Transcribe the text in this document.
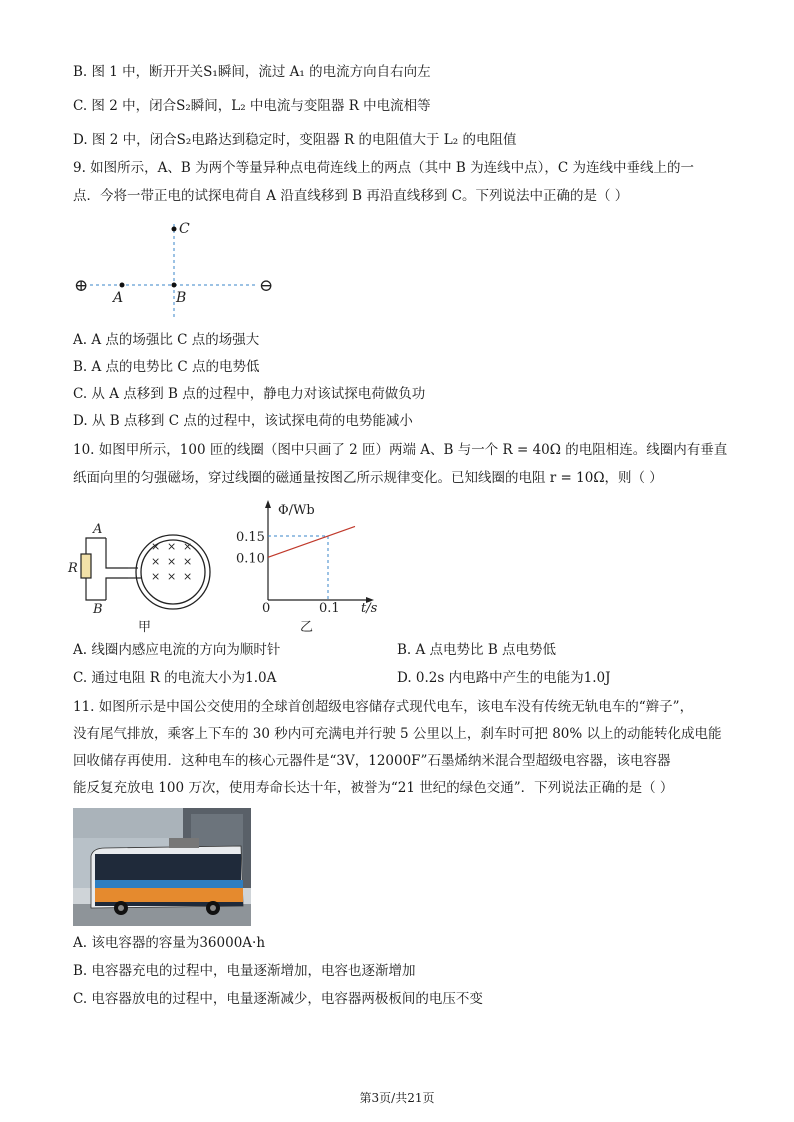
B. 图 1 中，断开开关S₁瞬间，流过 A₁ 的电流方向自右向左
C. 图 2 中，闭合S₂瞬间，L₂ 中电流与变阻器 R 中电流相等
D. 图 2 中，闭合S₂电路达到稳定时，变阻器 R 的电阻值大于 L₂ 的电阻值
9. 如图所示，A、B 为两个等量异种点电荷连线上的两点（其中 B 为连线中点），C 为连线中垂线上的一
点．今将一带正电的试探电荷自 A 沿直线移到 B 再沿直线移到 C。下列说法中正确的是（ ）
⊕	⊖
A	B
C
A. A 点的场强比 C 点的场强大
B. A 点的电势比 C 点的电势低
C. 从 A 点移到 B 点的过程中，静电力对该试探电荷做负功
D. 从 B 点移到 C 点的过程中，该试探电荷的电势能减小
10. 如图甲所示，100 匝的线圈（图中只画了 2 匝）两端 A、B 与一个 R = 40Ω 的电阻相连。线圈内有垂直
纸面向里的匀强磁场，穿过线圈的磁通量按图乙所示规律变化。已知线圈的电阻 r = 10Ω，则（ ）
× × ×
× × ×
× × ×
A
B
R
甲
Φ/Wb
t/s
0.15
0.10
0	0.1
乙
A. 线圈内感应电流的方向为顺时针	B. A 点电势比 B 点电势低
C. 通过电阻 R 的电流大小为1.0A	D. 0.2s 内电路中产生的电能为1.0J
11. 如图所示是中国公交使用的全球首创超级电容储存式现代电车，该电车没有传统无轨电车的“辫子”，
没有尾气排放，乘客上下车的 30 秒内可充满电并行驶 5 公里以上，刹车时可把 80% 以上的动能转化成电能
回收储存再使用．这种电车的核心元器件是“3V，12000F”石墨烯纳米混合型超级电容器，该电容器
能反复充放电 100 万次，使用寿命长达十年，被誉为“21 世纪的绿色交通”．下列说法正确的是（ ）
A. 该电容器的容量为36000A·h
B. 电容器充电的过程中，电量逐渐增加，电容也逐渐增加
C. 电容器放电的过程中，电量逐渐减少，电容器两极板间的电压不变
第3页/共21页
